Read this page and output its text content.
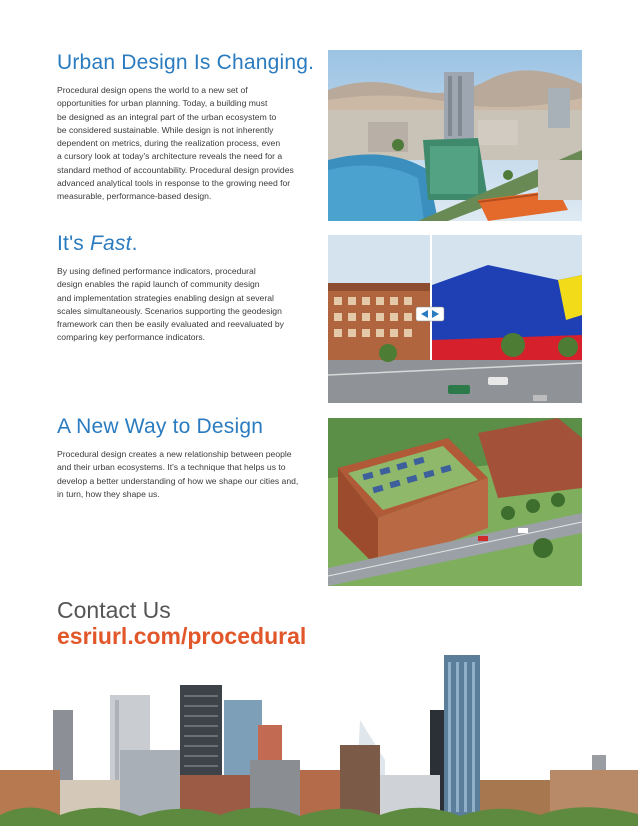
Urban Design Is Changing.

Procedural design opens the world to a new set of
opportunities for urban planning. Today, a building must
be designed as an integral part of the urban ecosystem to
be considered sustainable. While design is not inherently
dependent on metrics, during the realization process, even
a cursory look at today's architecture reveals the need for a
standard method of accountability. Procedural design provides
advanced analytical tools in response to the growing need for
measurable, performance-based design.

It's Fast.

By using defined performance indicators, procedural
design enables the rapid launch of community design
and implementation strategies enabling design at several
scales simultaneously. Scenarios supporting the geodesign
framework can then be easily evaluated and reevaluated by
comparing key performance indicators.

A New Way to Design

Procedural design creates a new relationship between people
and their urban ecosystems. It's a technique that helps us to
develop a better understanding of how we shape our cities and,
in turn, how they shape us.

Contact Us
esriurl.com/procedural
